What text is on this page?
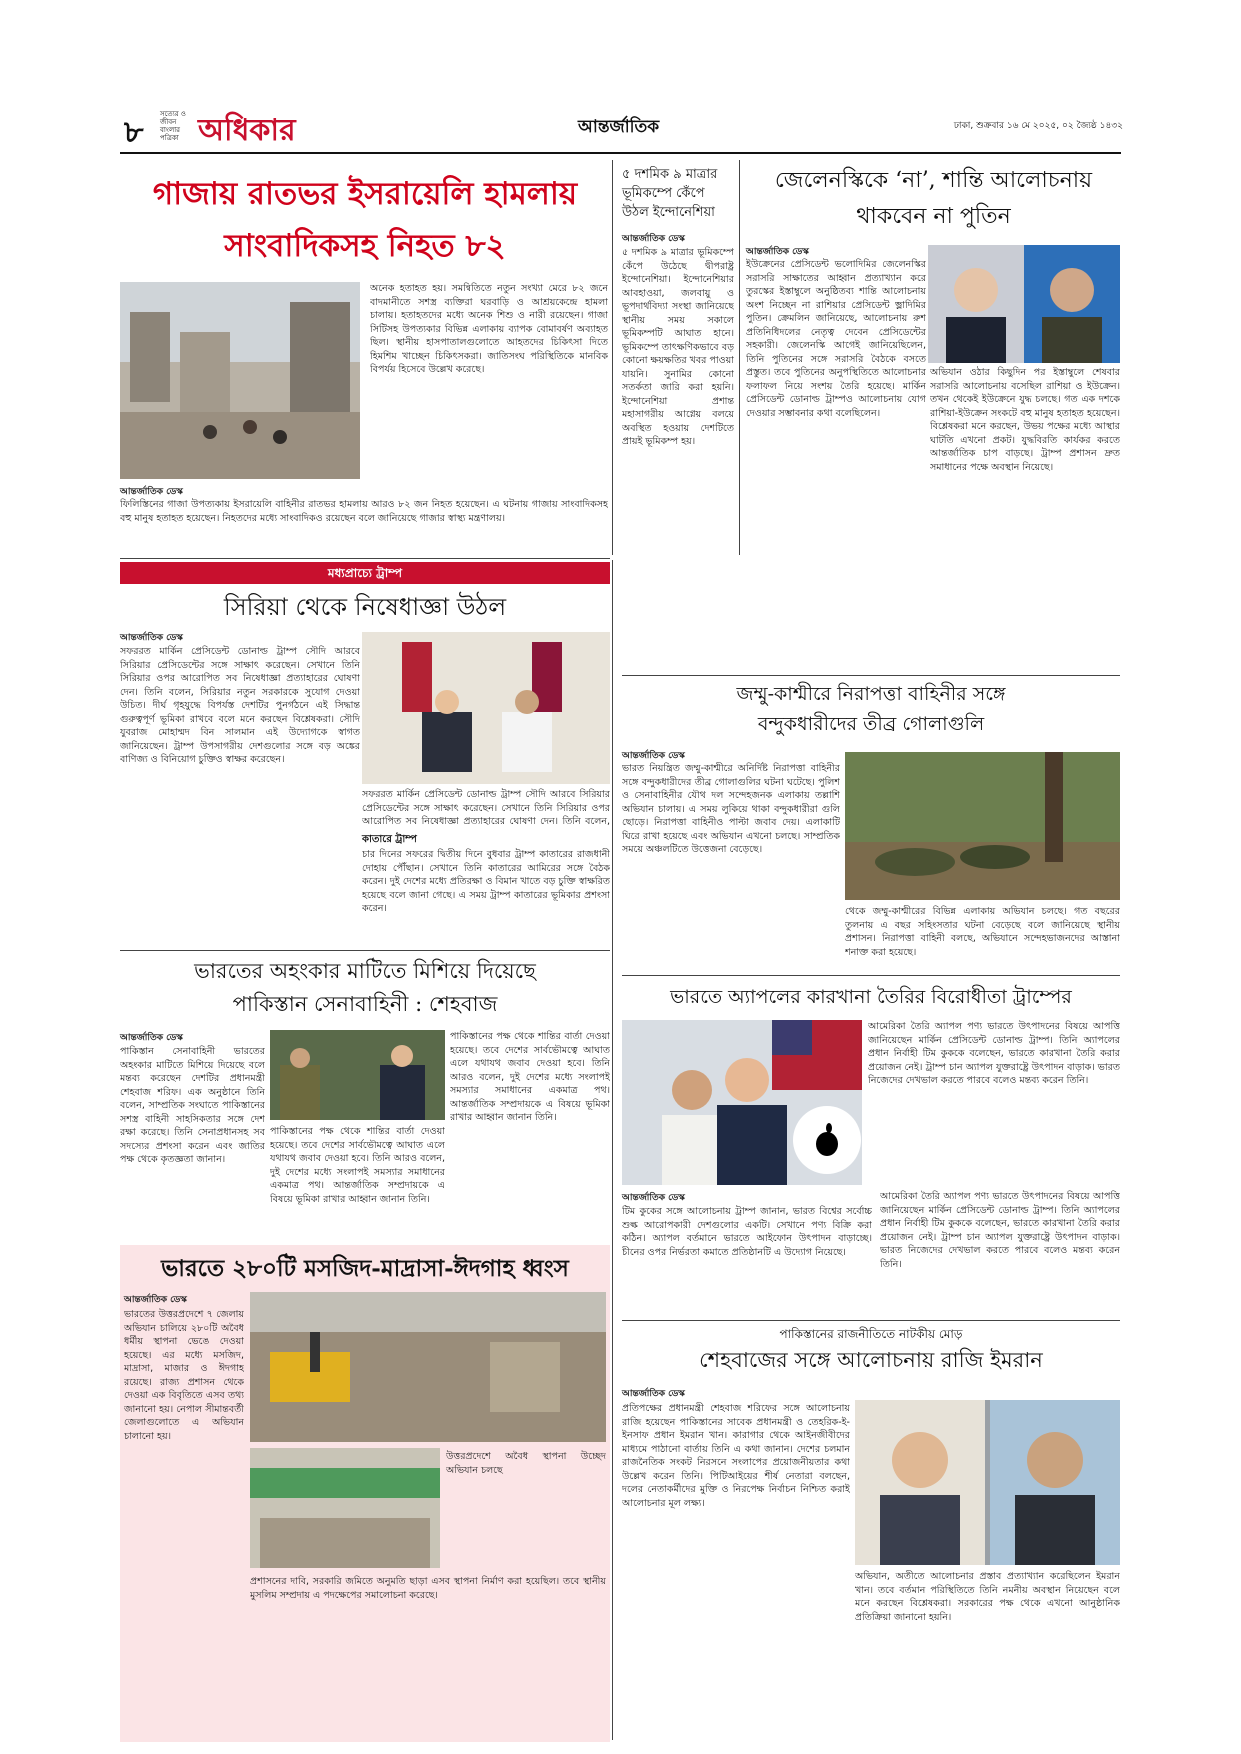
৮
সত্যের ও জীবন বাংলার পত্রিকা অধিকার	আন্তর্জাতিক	ঢাকা, শুক্রবার ১৬ মে ২০২৫, ০২ জ্যৈষ্ঠ ১৪৩২
গাজায় রাতভর ইসরায়েলি হামলায়
সাংবাদিকসহ নিহত ৮২
আন্তর্জাতিক ডেস্ক
অনেক হতাহত হয়। সমন্বিতিতে নতুন সংখ্যা মেরে ৮২ জনে বাদমানীতে সশস্ত্র ব্যক্তিরা ঘরবাড়ি ও আশ্রয়কেন্দ্রে হামলা চালায়। হতাহতদের মধ্যে অনেক শিশু ও নারী রয়েছেন। গাজা সিটিসহ উপত্যকার বিভিন্ন এলাকায় ব্যাপক বোমাবর্ষণ অব্যাহত ছিল। স্থানীয় হাসপাতালগুলোতে আহতদের চিকিৎসা দিতে হিমশিম খাচ্ছেন চিকিৎসকরা। জাতিসংঘ পরিস্থিতিকে মানবিক বিপর্যয় হিসেবে উল্লেখ করেছে।
ফিলিস্তিনের গাজা উপত্যকায় ইসরায়েলি বাহিনীর রাতভর হামলায় আরও ৮২ জন নিহত হয়েছেন। এ ঘটনায় গাজায় সাংবাদিকসহ বহু মানুষ হতাহত হয়েছেন। নিহতদের মধ্যে সাংবাদিকও রয়েছেন বলে জানিয়েছে গাজার স্বাস্থ্য মন্ত্রণালয়।
৫ দশমিক ৯ মাত্রার ভূমিকম্পে কেঁপে উঠল ইন্দোনেশিয়া
আন্তর্জাতিক ডেস্ক
৫ দশমিক ৯ মাত্রার ভূমিকম্পে কেঁপে উঠেছে দ্বীপরাষ্ট্র ইন্দোনেশিয়া। ইন্দোনেশিয়ার আবহাওয়া, জলবায়ু ও ভূপদার্থবিদ্যা সংস্থা জানিয়েছে স্থানীয় সময় সকালে ভূমিকম্পটি আঘাত হানে। ভূমিকম্পে তাৎক্ষণিকভাবে বড় কোনো ক্ষয়ক্ষতির খবর পাওয়া যায়নি। সুনামির কোনো সতর্কতা জারি করা হয়নি। ইন্দোনেশিয়া প্রশান্ত মহাসাগরীয় আগ্নেয় বলয়ে অবস্থিত হওয়ায় দেশটিতে প্রায়ই ভূমিকম্প হয়।
জেলেনস্কিকে ‘না’, শান্তি আলোচনায়
থাকবেন না পুতিন
আন্তর্জাতিক ডেস্ক
ইউক্রেনের প্রেসিডেন্ট ভলোদিমির জেলেনস্কির সরাসরি সাক্ষাতের আহ্বান প্রত্যাখ্যান করে তুরস্কের ইস্তাম্বুলে অনুষ্ঠিতব্য শান্তি আলোচনায় অংশ নিচ্ছেন না রাশিয়ার প্রেসিডেন্ট ভ্লাদিমির পুতিন। ক্রেমলিন জানিয়েছে, আলোচনায় রুশ প্রতিনিধিদলের নেতৃত্ব দেবেন প্রেসিডেন্টের সহকারী। জেলেনস্কি আগেই জানিয়েছিলেন, তিনি পুতিনের সঙ্গে সরাসরি বৈঠকে বসতে প্রস্তুত। তবে পুতিনের অনুপস্থিতিতে আলোচনার ফলাফল নিয়ে সংশয় তৈরি হয়েছে। মার্কিন প্রেসিডেন্ট ডোনাল্ড ট্রাম্পও আলোচনায় যোগ দেওয়ার সম্ভাবনার কথা বলেছিলেন।
অভিযান ওঠার কিছুদিন পর ইস্তাম্বুলে শেষবার সরাসরি আলোচনায় বসেছিল রাশিয়া ও ইউক্রেন। তখন থেকেই ইউক্রেনে যুদ্ধ চলছে। গত এক দশকে রাশিয়া-ইউক্রেন সংকটে বহু মানুষ হতাহত হয়েছেন। বিশ্লেষকরা মনে করছেন, উভয় পক্ষের মধ্যে আস্থার ঘাটতি এখনো প্রকট। যুদ্ধবিরতি কার্যকর করতে আন্তর্জাতিক চাপ বাড়ছে। ট্রাম্প প্রশাসন দ্রুত সমাধানের পক্ষে অবস্থান নিয়েছে।
মধ্যপ্রাচ্যে ট্রাম্প
সিরিয়া থেকে নিষেধাজ্ঞা উঠল
আন্তর্জাতিক ডেস্ক
সফররত মার্কিন প্রেসিডেন্ট ডোনাল্ড ট্রাম্প সৌদি আরবে সিরিয়ার প্রেসিডেন্টের সঙ্গে সাক্ষাৎ করেছেন। সেখানে তিনি সিরিয়ার ওপর আরোপিত সব নিষেধাজ্ঞা প্রত্যাহারের ঘোষণা দেন। তিনি বলেন, সিরিয়ার নতুন সরকারকে সুযোগ দেওয়া উচিত। দীর্ঘ গৃহযুদ্ধে বিপর্যস্ত দেশটির পুনর্গঠনে এই সিদ্ধান্ত গুরুত্বপূর্ণ ভূমিকা রাখবে বলে মনে করছেন বিশ্লেষকরা। সৌদি যুবরাজ মোহাম্মদ বিন সালমান এই উদ্যোগকে স্বাগত জানিয়েছেন। ট্রাম্প উপসাগরীয় দেশগুলোর সঙ্গে বড় অঙ্কের বাণিজ্য ও বিনিয়োগ চুক্তিও স্বাক্ষর করেছেন।
সফররত মার্কিন প্রেসিডেন্ট ডোনাল্ড ট্রাম্প সৌদি আরবে সিরিয়ার প্রেসিডেন্টের সঙ্গে সাক্ষাৎ করেছেন। সেখানে তিনি সিরিয়ার ওপর আরোপিত সব নিষেধাজ্ঞা প্রত্যাহারের ঘোষণা দেন। তিনি বলেন,
কাতারে ট্রাম্প
চার দিনের সফরের দ্বিতীয় দিনে বুধবার ট্রাম্প কাতারের রাজধানী দোহায় পৌঁছান। সেখানে তিনি কাতারের আমিরের সঙ্গে বৈঠক করেন। দুই দেশের মধ্যে প্রতিরক্ষা ও বিমান খাতে বড় চুক্তি স্বাক্ষরিত হয়েছে বলে জানা গেছে। এ সময় ট্রাম্প কাতারের ভূমিকার প্রশংসা করেন।
জম্মু-কাশ্মীরে নিরাপত্তা বাহিনীর সঙ্গে
বন্দুকধারীদের তীব্র গোলাগুলি
আন্তর্জাতিক ডেস্ক
ভারত নিয়ন্ত্রিত জম্মু-কাশ্মীরে অনির্দিষ্ট নিরাপত্তা বাহিনীর সঙ্গে বন্দুকধারীদের তীব্র গোলাগুলির ঘটনা ঘটেছে। পুলিশ ও সেনাবাহিনীর যৌথ দল সন্দেহজনক এলাকায় তল্লাশি অভিযান চালায়। এ সময় লুকিয়ে থাকা বন্দুকধারীরা গুলি ছোড়ে। নিরাপত্তা বাহিনীও পাল্টা জবাব দেয়। এলাকাটি ঘিরে রাখা হয়েছে এবং অভিযান এখনো চলছে। সাম্প্রতিক সময়ে অঞ্চলটিতে উত্তেজনা বেড়েছে।
থেকে জম্মু-কাশ্মীরের বিভিন্ন এলাকায় অভিযান চলছে। গত বছরের তুলনায় এ বছর সহিংসতার ঘটনা বেড়েছে বলে জানিয়েছে স্থানীয় প্রশাসন। নিরাপত্তা বাহিনী বলছে, অভিযানে সন্দেহভাজনদের আস্তানা শনাক্ত করা হয়েছে।
ভারতের অহংকার মাটিতে মিশিয়ে দিয়েছে
পাকিস্তান সেনাবাহিনী : শেহবাজ
আন্তর্জাতিক ডেস্ক
পাকিস্তান সেনাবাহিনী ভারতের অহংকার মাটিতে মিশিয়ে দিয়েছে বলে মন্তব্য করেছেন দেশটির প্রধানমন্ত্রী শেহবাজ শরিফ। এক অনুষ্ঠানে তিনি বলেন, সাম্প্রতিক সংঘাতে পাকিস্তানের সশস্ত্র বাহিনী সাহসিকতার সঙ্গে দেশ রক্ষা করেছে। তিনি সেনাপ্রধানসহ সব সদস্যের প্রশংসা করেন এবং জাতির পক্ষ থেকে কৃতজ্ঞতা জানান।
পাকিস্তানের পক্ষ থেকে শান্তির বার্তা দেওয়া হয়েছে। তবে দেশের সার্বভৌমত্বে আঘাত এলে যথাযথ জবাব দেওয়া হবে। তিনি আরও বলেন, দুই দেশের মধ্যে সংলাপই সমস্যার সমাধানের একমাত্র পথ। আন্তর্জাতিক সম্প্রদায়কে এ বিষয়ে ভূমিকা রাখার আহ্বান জানান তিনি।
পাকিস্তানের পক্ষ থেকে শান্তির বার্তা দেওয়া হয়েছে। তবে দেশের সার্বভৌমত্বে আঘাত এলে যথাযথ জবাব দেওয়া হবে। তিনি আরও বলেন, দুই দেশের মধ্যে সংলাপই সমস্যার সমাধানের একমাত্র পথ। আন্তর্জাতিক সম্প্রদায়কে এ বিষয়ে ভূমিকা রাখার আহ্বান জানান তিনি।
ভারতে অ্যাপলের কারখানা তৈরির বিরোধীতা ট্রাম্পের
আন্তর্জাতিক ডেস্ক
আমেরিকা তৈরি অ্যাপল পণ্য ভারতে উৎপাদনের বিষয়ে আপত্তি জানিয়েছেন মার্কিন প্রেসিডেন্ট ডোনাল্ড ট্রাম্প। তিনি অ্যাপলের প্রধান নির্বাহী টিম কুককে বলেছেন, ভারতে কারখানা তৈরি করার প্রয়োজন নেই। ট্রাম্প চান অ্যাপল যুক্তরাষ্ট্রে উৎপাদন বাড়াক। ভারত নিজেদের দেখভাল করতে পারবে বলেও মন্তব্য করেন তিনি।
টিম কুকের সঙ্গে আলোচনায় ট্রাম্প জানান, ভারত বিশ্বের সর্বোচ্চ শুল্ক আরোপকারী দেশগুলোর একটি। সেখানে পণ্য বিক্রি করা কঠিন। অ্যাপল বর্তমানে ভারতে আইফোন উৎপাদন বাড়াচ্ছে। চীনের ওপর নির্ভরতা কমাতে প্রতিষ্ঠানটি এ উদ্যোগ নিয়েছে।
আমেরিকা তৈরি অ্যাপল পণ্য ভারতে উৎপাদনের বিষয়ে আপত্তি জানিয়েছেন মার্কিন প্রেসিডেন্ট ডোনাল্ড ট্রাম্প। তিনি অ্যাপলের প্রধান নির্বাহী টিম কুককে বলেছেন, ভারতে কারখানা তৈরি করার প্রয়োজন নেই। ট্রাম্প চান অ্যাপল যুক্তরাষ্ট্রে উৎপাদন বাড়াক। ভারত নিজেদের দেখভাল করতে পারবে বলেও মন্তব্য করেন তিনি।
ভারতে ২৮০টি মসজিদ-মাদ্রাসা-ঈদগাহ ধ্বংস
আন্তর্জাতিক ডেস্ক
ভারতের উত্তরপ্রদেশে ৭ জেলায় অভিযান চালিয়ে ২৮০টি অবৈধ ধর্মীয় স্থাপনা ভেঙে দেওয়া হয়েছে। এর মধ্যে মসজিদ, মাদ্রাসা, মাজার ও ঈদগাহ রয়েছে। রাজ্য প্রশাসন থেকে দেওয়া এক বিবৃতিতে এসব তথ্য জানানো হয়। নেপাল সীমান্তবর্তী জেলাগুলোতে এ অভিযান চালানো হয়।
উত্তরপ্রদেশে অবৈধ স্থাপনা উচ্ছেদ অভিযান চলছে
প্রশাসনের দাবি, সরকারি জমিতে অনুমতি ছাড়া এসব স্থাপনা নির্মাণ করা হয়েছিল। তবে স্থানীয় মুসলিম সম্প্রদায় এ পদক্ষেপের সমালোচনা করেছে।
পাকিস্তানের রাজনীতিতে নাটকীয় মোড়
শেহবাজের সঙ্গে আলোচনায় রাজি ইমরান
আন্তর্জাতিক ডেস্ক
প্রতিপক্ষের প্রধানমন্ত্রী শেহবাজ শরিফের সঙ্গে আলোচনায় রাজি হয়েছেন পাকিস্তানের সাবেক প্রধানমন্ত্রী ও তেহরিক-ই-ইনসাফ প্রধান ইমরান খান। কারাগার থেকে আইনজীবীদের মাধ্যমে পাঠানো বার্তায় তিনি এ কথা জানান। দেশের চলমান রাজনৈতিক সংকট নিরসনে সংলাপের প্রয়োজনীয়তার কথা উল্লেখ করেন তিনি। পিটিআইয়ের শীর্ষ নেতারা বলছেন, দলের নেতাকর্মীদের মুক্তি ও নিরপেক্ষ নির্বাচন নিশ্চিত করাই আলোচনার মূল লক্ষ্য।
অভিযান, অতীতে আলোচনার প্রস্তাব প্রত্যাখ্যান করেছিলেন ইমরান খান। তবে বর্তমান পরিস্থিতিতে তিনি নমনীয় অবস্থান নিয়েছেন বলে মনে করছেন বিশ্লেষকরা। সরকারের পক্ষ থেকে এখনো আনুষ্ঠানিক প্রতিক্রিয়া জানানো হয়নি।
